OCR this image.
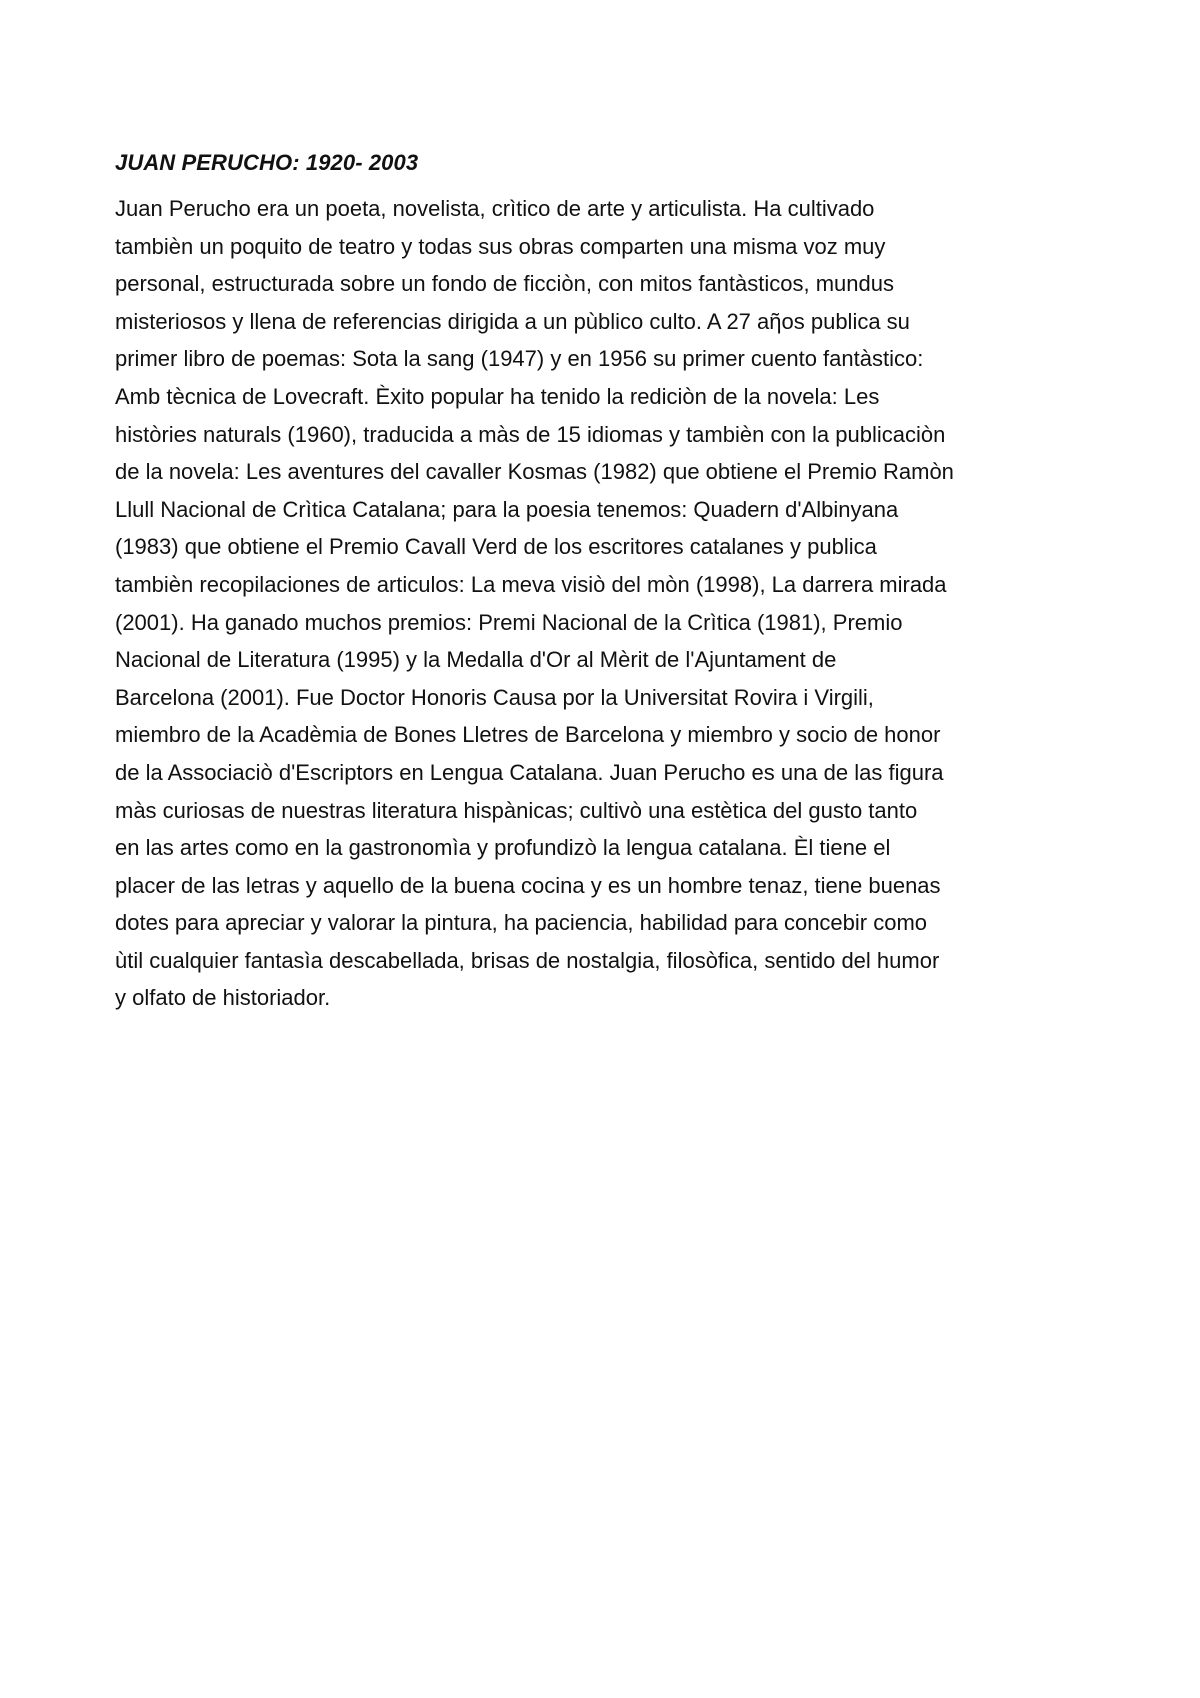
JUAN PERUCHO: 1920- 2003

Juan Perucho era un poeta, novelista, crìtico de arte y articulista. Ha cultivado
tambièn un poquito de teatro y todas sus obras comparten una misma voz muy
personal, estructurada sobre un fondo de ficciòn, con mitos fantàsticos, mundus
misteriosos y llena de referencias dirigida a un pùblico culto. A 27 aῆos publica su
primer libro de poemas: Sota la sang (1947) y en 1956 su primer cuento fantàstico:
Amb tècnica de Lovecraft. Èxito popular ha tenido la rediciòn de la novela: Les
històries naturals (1960), traducida a màs de 15 idiomas y tambièn con la publicaciòn
de la novela: Les aventures del cavaller Kosmas (1982) que obtiene el Premio Ramòn
Llull Nacional de Crìtica Catalana; para la poesia tenemos: Quadern d'Albinyana
(1983) que obtiene el Premio Cavall Verd de los escritores catalanes y publica
tambièn recopilaciones de articulos: La meva visiò del mòn (1998), La darrera mirada
(2001). Ha ganado muchos premios: Premi Nacional de la Crìtica (1981), Premio
Nacional de Literatura (1995) y la Medalla d'Or al Mèrit de l'Ajuntament de
Barcelona (2001). Fue Doctor Honoris Causa por la Universitat Rovira i Virgili,
miembro de la Acadèmia de Bones Lletres de Barcelona y miembro y socio de honor
de la Associaciò d'Escriptors en Lengua Catalana. Juan Perucho es una de las figura
màs curiosas de nuestras literatura hispànicas; cultivò una estètica del gusto tanto
en las artes como en la gastronomìa y profundizò la lengua catalana. Èl tiene el
placer de las letras y aquello de la buena cocina y es un hombre tenaz, tiene buenas
dotes para apreciar y valorar la pintura, ha paciencia, habilidad para concebir como
ùtil cualquier fantasìa descabellada, brisas de nostalgia, filosòfica, sentido del humor
y olfato de historiador.
